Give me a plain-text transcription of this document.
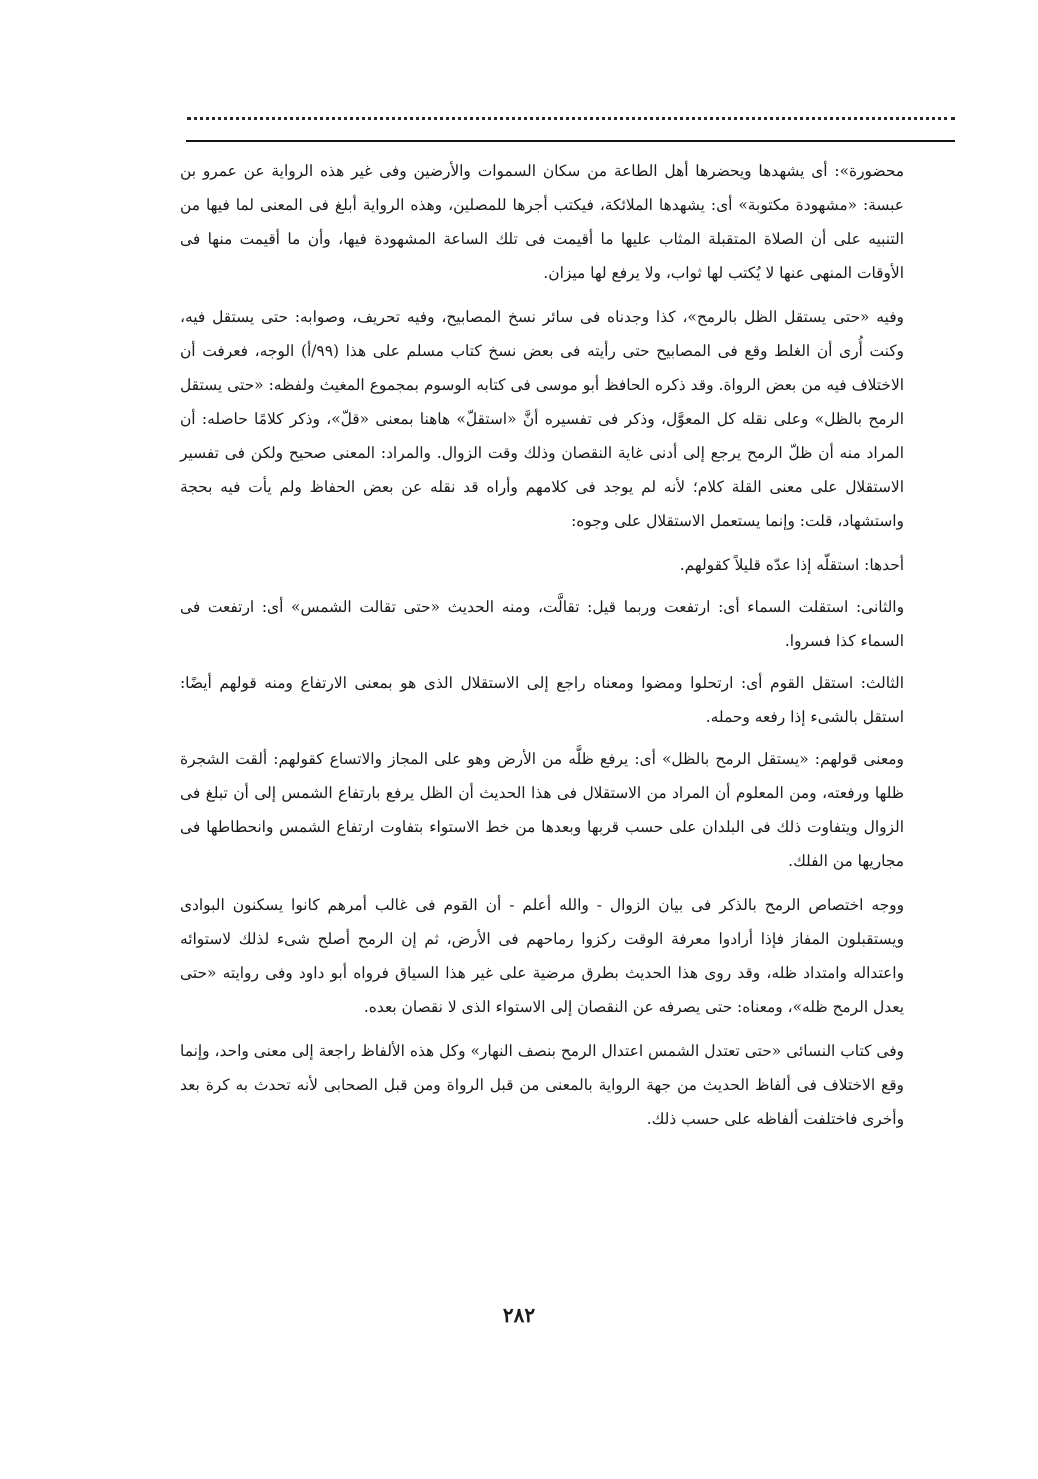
محضورة»: أى يشهدها ويحضرها أهل الطاعة من سكان السموات والأرضين وفى غير هذه الرواية عن عمرو بن عبسة: «مشهودة مكتوبة» أى: يشهدها الملائكة، فيكتب أجرها للمصلين، وهذه الرواية أبلغ فى المعنى لما فيها من التنبيه على أن الصلاة المتقبلة المثاب عليها ما أقيمت فى تلك الساعة المشهودة فيها، وأن ما أقيمت منها فى الأوقات المنهى عنها لا يُكتب لها ثواب، ولا يرفع لها ميزان.

وفيه «حتى يستقل الظل بالرمح»، كذا وجدناه فى سائر نسخ المصابيح، وفيه تحريف، وصوابه: حتى يستقل فيه، وكنت أُرى أن الغلط وقع فى المصابيح حتى رأيته فى بعض نسخ كتاب مسلم على هذا (٩٩/أ) الوجه، فعرفت أن الاختلاف فيه من بعض الرواة. وقد ذكره الحافظ أبو موسى فى كتابه الوسوم بمجموع المغيث ولفظه: «حتى يستقل الرمح بالظل» وعلى نقله كل المعوَّل، وذكر فى تفسيره أنَّ «استقلّ» هاهنا بمعنى «قلّ»، وذكر كلامًا حاصله: أن المراد منه أن ظلّ الرمح يرجع إلى أدنى غاية النقصان وذلك وقت الزوال. والمراد: المعنى صحيح ولكن فى تفسير الاستقلال على معنى القلة كلام؛ لأنه لم يوجد فى كلامهم وأراه قد نقله عن بعض الحفاظ ولم يأت فيه بحجة واستشهاد، قلت: وإنما يستعمل الاستقلال على وجوه:

أحدها: استقلّه إذا عدّه قليلاً كقولهم.

والثانى: استقلت السماء أى: ارتفعت وربما قيل: تقالَّت، ومنه الحديث «حتى تقالت الشمس» أى: ارتفعت فى السماء كذا فسروا.

الثالث: استقل القوم أى: ارتحلوا ومضوا ومعناه راجع إلى الاستقلال الذى هو بمعنى الارتفاع ومنه قولهم أيضًا: استقل بالشىء إذا رفعه وحمله.

ومعنى قولهم: «يستقل الرمح بالظل» أى: يرفع ظلَّه من الأرض وهو على المجاز والاتساع كقولهم: ألقت الشجرة ظلها ورفعته، ومن المعلوم أن المراد من الاستقلال فى هذا الحديث أن الظل يرفع بارتفاع الشمس إلى أن تبلغ فى الزوال ويتفاوت ذلك فى البلدان على حسب قربها وبعدها من خط الاستواء بتفاوت ارتفاع الشمس وانحطاطها فى مجاريها من الفلك.

ووجه اختصاص الرمح بالذكر فى بيان الزوال - والله أعلم - أن القوم فى غالب أمرهم كانوا يسكنون البوادى ويستقبلون المفاز فإذا أرادوا معرفة الوقت ركزوا رماحهم فى الأرض، ثم إن الرمح أصلح شىء لذلك لاستوائه واعتداله وامتداد ظله، وقد روى هذا الحديث بطرق مرضية على غير هذا السياق فرواه أبو داود وفى روايته «حتى يعدل الرمح ظله»، ومعناه: حتى يصرفه عن النقصان إلى الاستواء الذى لا نقصان بعده.

وفى كتاب النسائى «حتى تعتدل الشمس اعتدال الرمح بنصف النهار» وكل هذه الألفاظ راجعة إلى معنى واحد، وإنما وقع الاختلاف فى ألفاظ الحديث من جهة الرواية بالمعنى من قبل الرواة ومن قبل الصحابى لأنه تحدث به كرة بعد وأخرى فاختلفت ألفاظه على حسب ذلك.

٢٨٢
